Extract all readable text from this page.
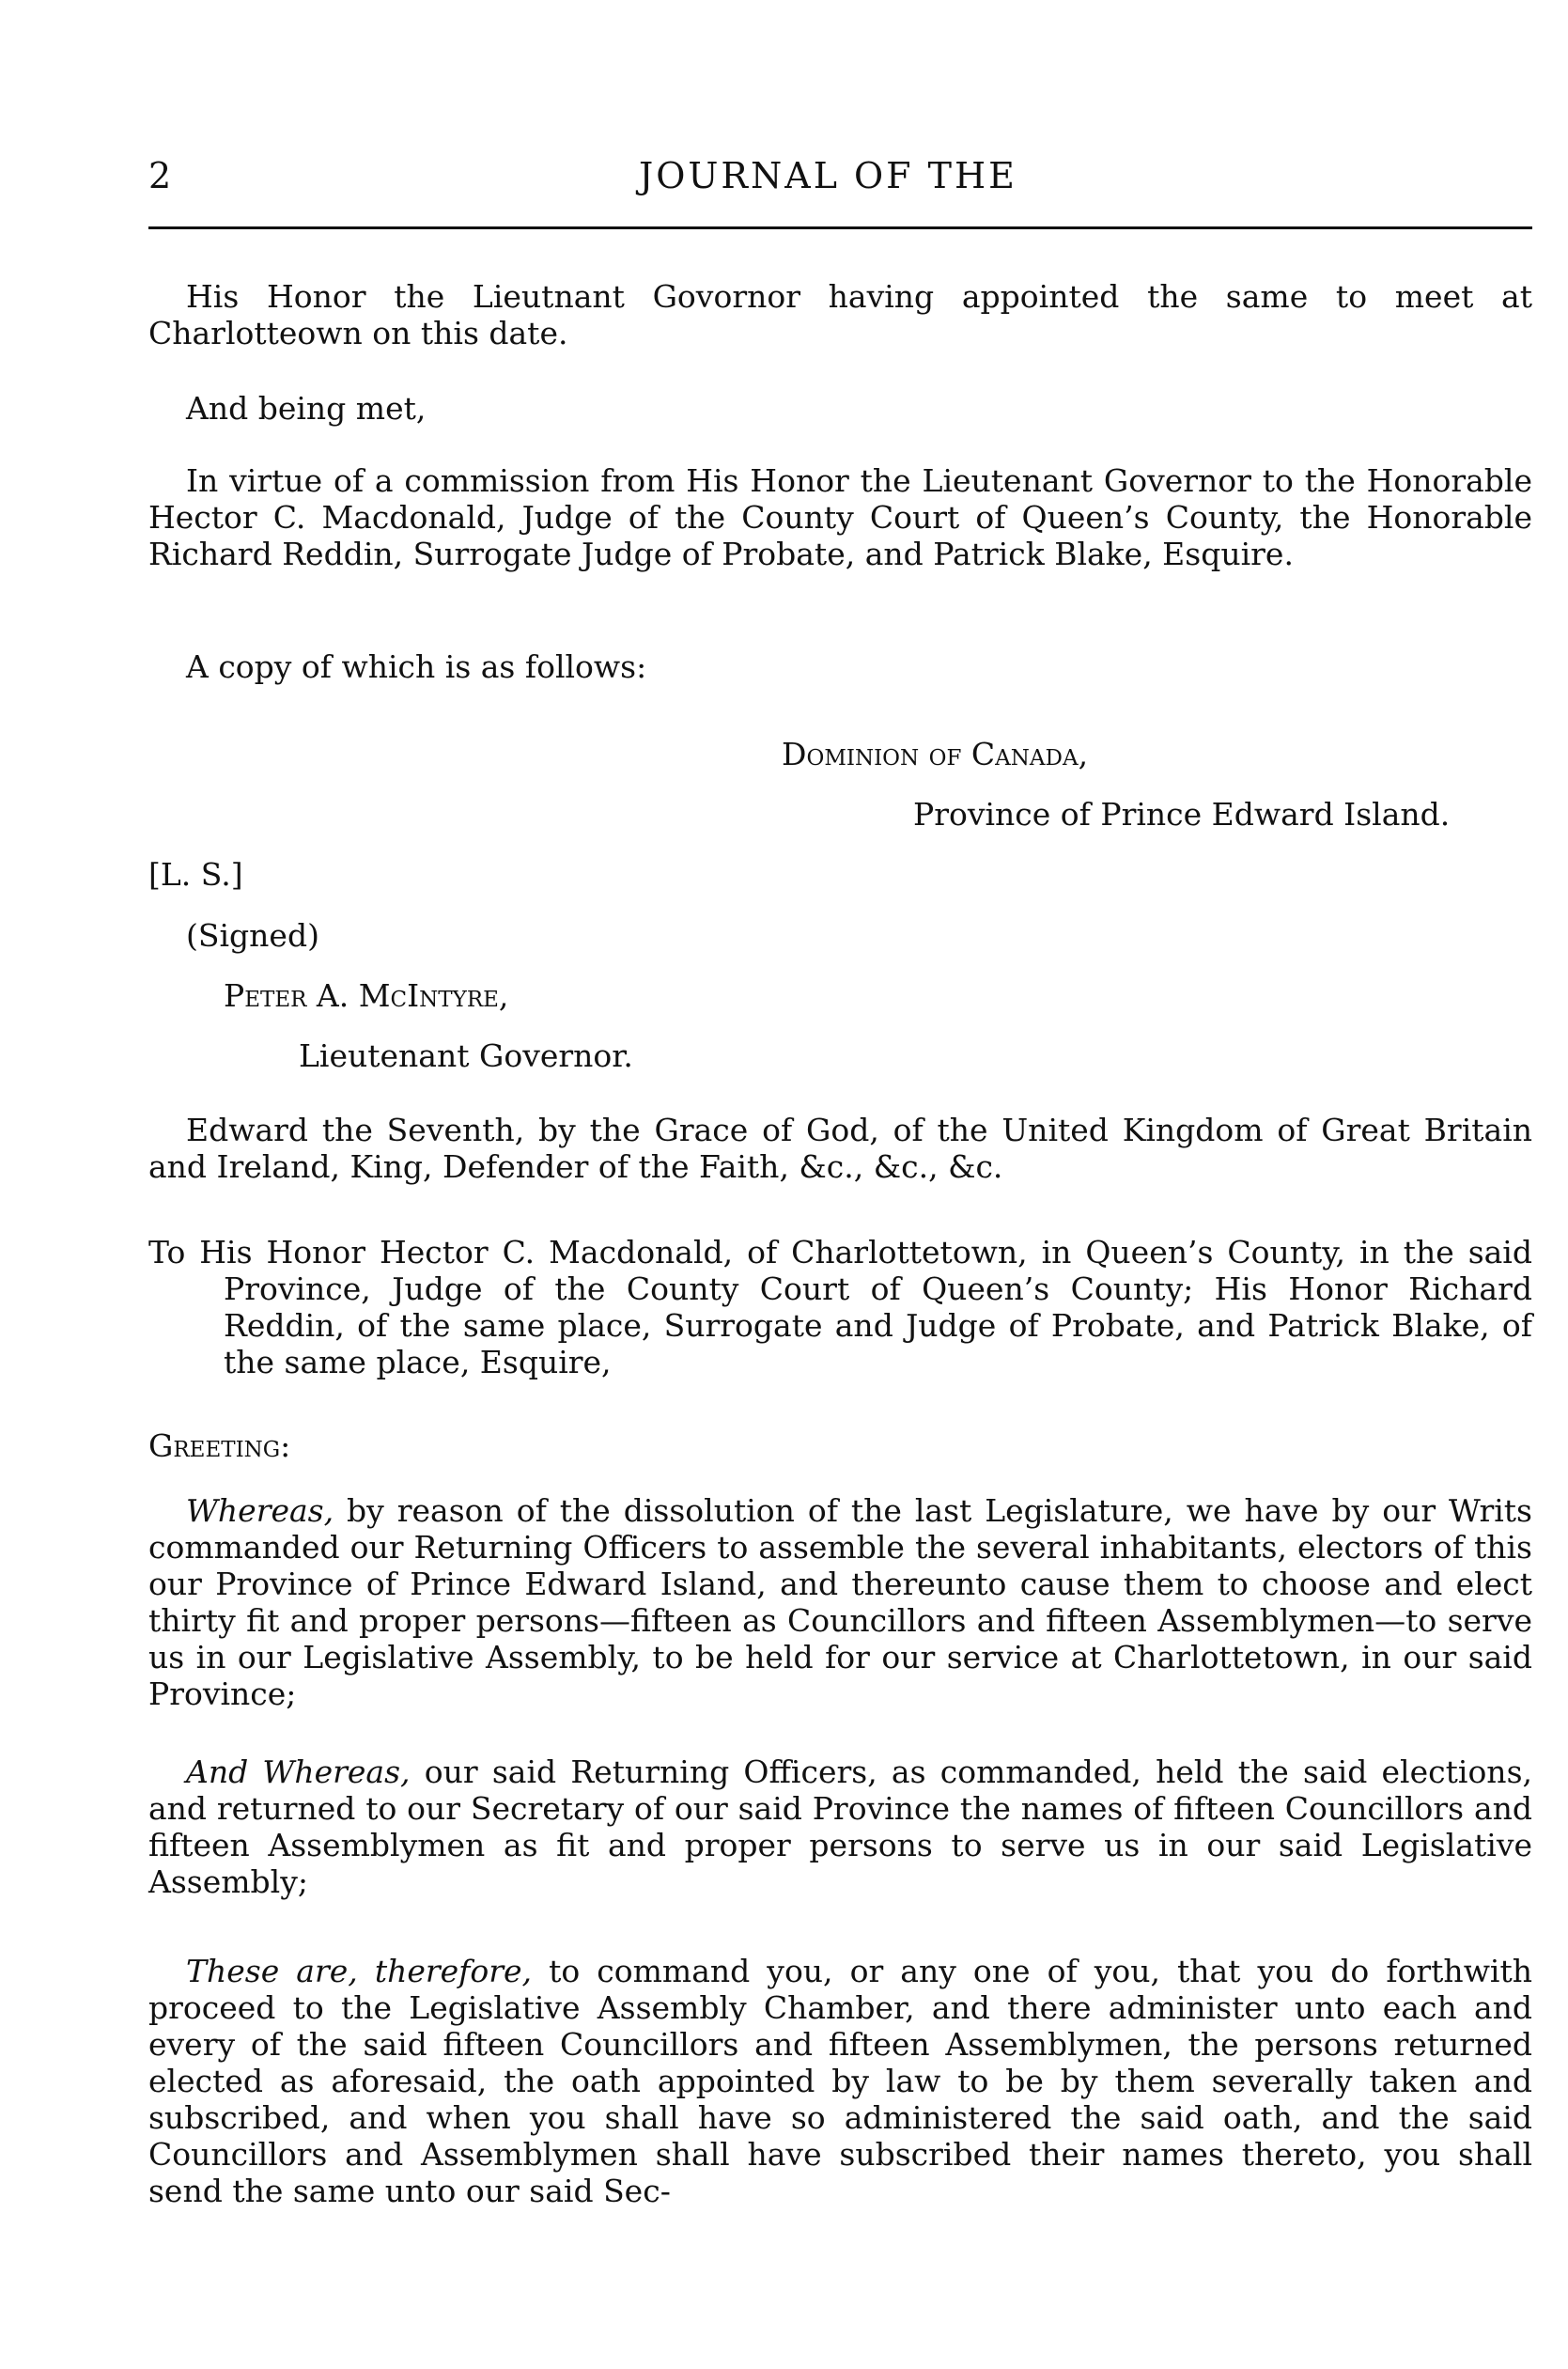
2	JOURNAL OF THE

His Honor the Lieutnant Govornor having appointed the same to meet at Charlotteown on this date.

And being met,

In virtue of a commission from His Honor the Lieutenant Governor to the Honorable Hector C. Macdonald, Judge of the County Court of Queen’s County, the Honorable Richard Reddin, Surrogate Judge of Probate, and Patrick Blake, Esquire.

A copy of which is as follows:

Dominion of Canada,

Province of Prince Edward Island.

[L. S.]

(Signed)

Peter A. McIntyre,

Lieutenant Governor.

Edward the Seventh, by the Grace of God, of the United Kingdom of Great Britain and Ireland, King, Defender of the Faith, &c., &c., &c.

To His Honor Hector C. Macdonald, of Charlottetown, in Queen’s County, in the said Province, Judge of the County Court of Queen’s County; His Honor Richard Reddin, of the same place, Surrogate and Judge of Probate, and Patrick Blake, of the same place, Esquire,

Greeting:

Whereas, by reason of the dissolution of the last Legislature, we have by our Writs commanded our Returning Officers to assemble the several inhabitants, electors of this our Province of Prince Edward Island, and thereunto cause them to choose and elect thirty fit and proper persons—fifteen as Councillors and fifteen Assemblymen—to serve us in our Legislative Assembly, to be held for our service at Charlottetown, in our said Province;

And Whereas, our said Returning Officers, as commanded, held the said elections, and returned to our Secretary of our said Province the names of fifteen Councillors and fifteen Assemblymen as fit and proper persons to serve us in our said Legislative Assembly;

These are, therefore, to command you, or any one of you, that you do forthwith proceed to the Legislative Assembly Chamber, and there administer unto each and every of the said fifteen Councillors and fifteen Assemblymen, the persons returned elected as aforesaid, the oath appointed by law to be by them severally taken and subscribed, and when you shall have so administered the said oath, and the said Councillors and Assemblymen shall have subscribed their names thereto, you shall send the same unto our said Sec-
